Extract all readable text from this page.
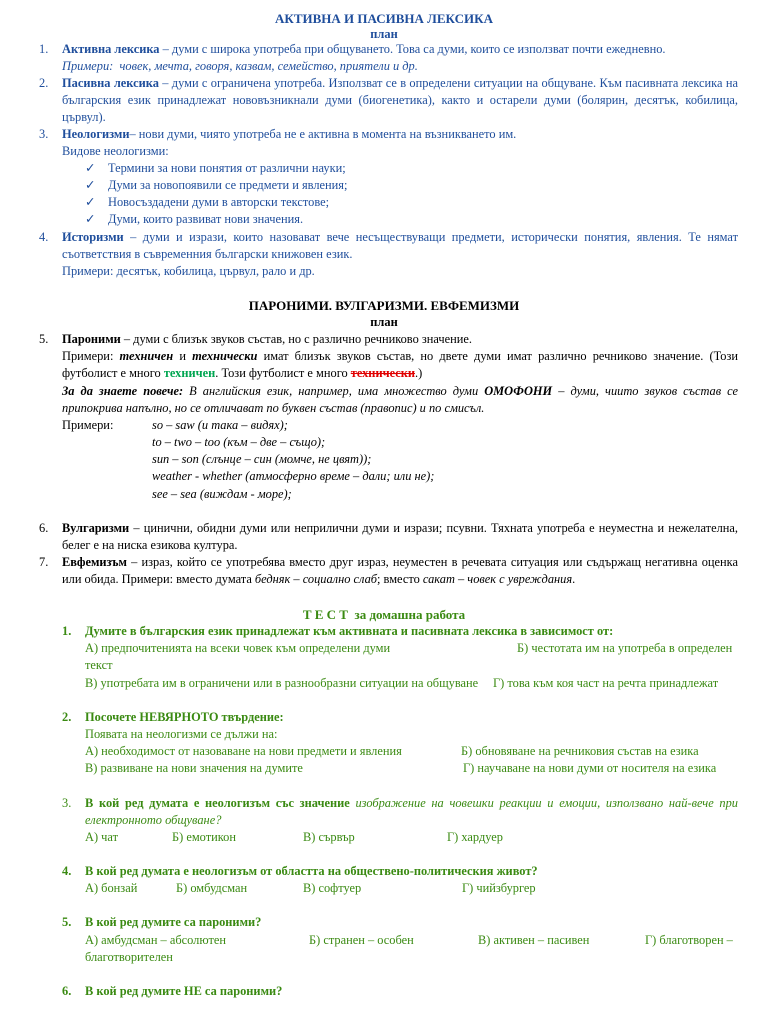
АКТИВНА И ПАСИВНА ЛЕКСИКА
план
1. Активна лексика – думи с широка употреба при общуването. Това са думи, които се използват почти ежедневно.
Примери: човек, мечта, говоря, казвам, семейство, приятели и др.
2. Пасивна лексика – думи с ограничена употреба. Използват се в определени ситуации на общуване. Към пасивната лексика на българския език принадлежат нововъзникнали думи (биогенетика), както и остарели думи (болярин, десятък, кобилица, цървул).
3. Неологизми– нови думи, чиято употреба не е активна в момента на възникването им.
Видове неологизми:
✓ Термини за нови понятия от различни науки;
✓ Думи за новопоявили се предмети и явления;
✓ Новосъздадени думи в авторски текстове;
✓ Думи, които развиват нови значения.
4. Историзми – думи и изрази, които назовават вече несъществуващи предмети, исторически понятия, явления. Те нямат съответствия в съвременния български книжовен език.
Примери: десятък, кобилица, цървул, рало и др.
ПАРОНИМИ. ВУЛГАРИЗМИ. ЕВФЕМИЗМИ
план
5. Пароними – думи с близък звуков състав, но с различно речниково значение.
Примери: техничен и технически имат близък звуков състав, но двете думи имат различно речниково значение. (Този футболист е много техничен. Този футболист е много технически.)
За да знаете повече: В английския език, например, има множество думи ОМОФОНИ – думи, чиито звуков състав се припокрива напълно, но се отличават по буквен състав (правопис) и по смисъл.
Примери:	so – saw (и така – видях);
to – two – too (към – две – също);
sun – son (слънце – син (момче, не цвят));
weather - whether (атмосферно време – дали; или не);
see – sea (виждам - море);
6. Вулгаризми – цинични, обидни думи или неприлични думи и изрази; псувни. Тяхната употреба е неуместна и нежелателна, белег е на ниска езикова култура.
7. Евфемизъм – израз, който се употребява вместо друг израз, неуместен в речевата ситуация или съдържащ негативна оценка или обида. Примери: вместо думата бедняк – социално слаб; вместо сакат – човек с увреждания.
Т Е С Т за домашна работа
1. Думите в българския език принадлежат към активната и пасивната лексика в зависимост от:
А) предпочитенията на всеки човек към определени думи	Б) честотата им на употреба в определен
текст
В) употребата им в ограничени или в разнообразни ситуации на общуване Г) това към коя част на речта принадлежат
2. Посочете НЕВЯРНОТО твърдение:
Появата на неологизми се дължи на:
А) необходимост от назоваване на нови предмети и явления	Б) обновяване на речниковия състав на езика
В) развиване на нови значения на думите	Г) научаване на нови думи от носителя на езика
3. В кой ред думата е неологизъм със значение изображение на човешки реакции и емоции, използвано най-вече при електронното общуване?
А) чат	Б) емотикон	В) сървър	Г) хардуер
4. В кой ред думата е неологизъм от областта на обществено-политическия живот?
А) бонзай	Б) омбудсман	В) софтуер	Г) чийзбургер
5. В кой ред думите са пароними?
А) амбудсман – абсолютен	Б) странен – особен	В) активен – пасивен	Г) благотворен –
благотворителен
6. В кой ред думите НЕ са пароними?
